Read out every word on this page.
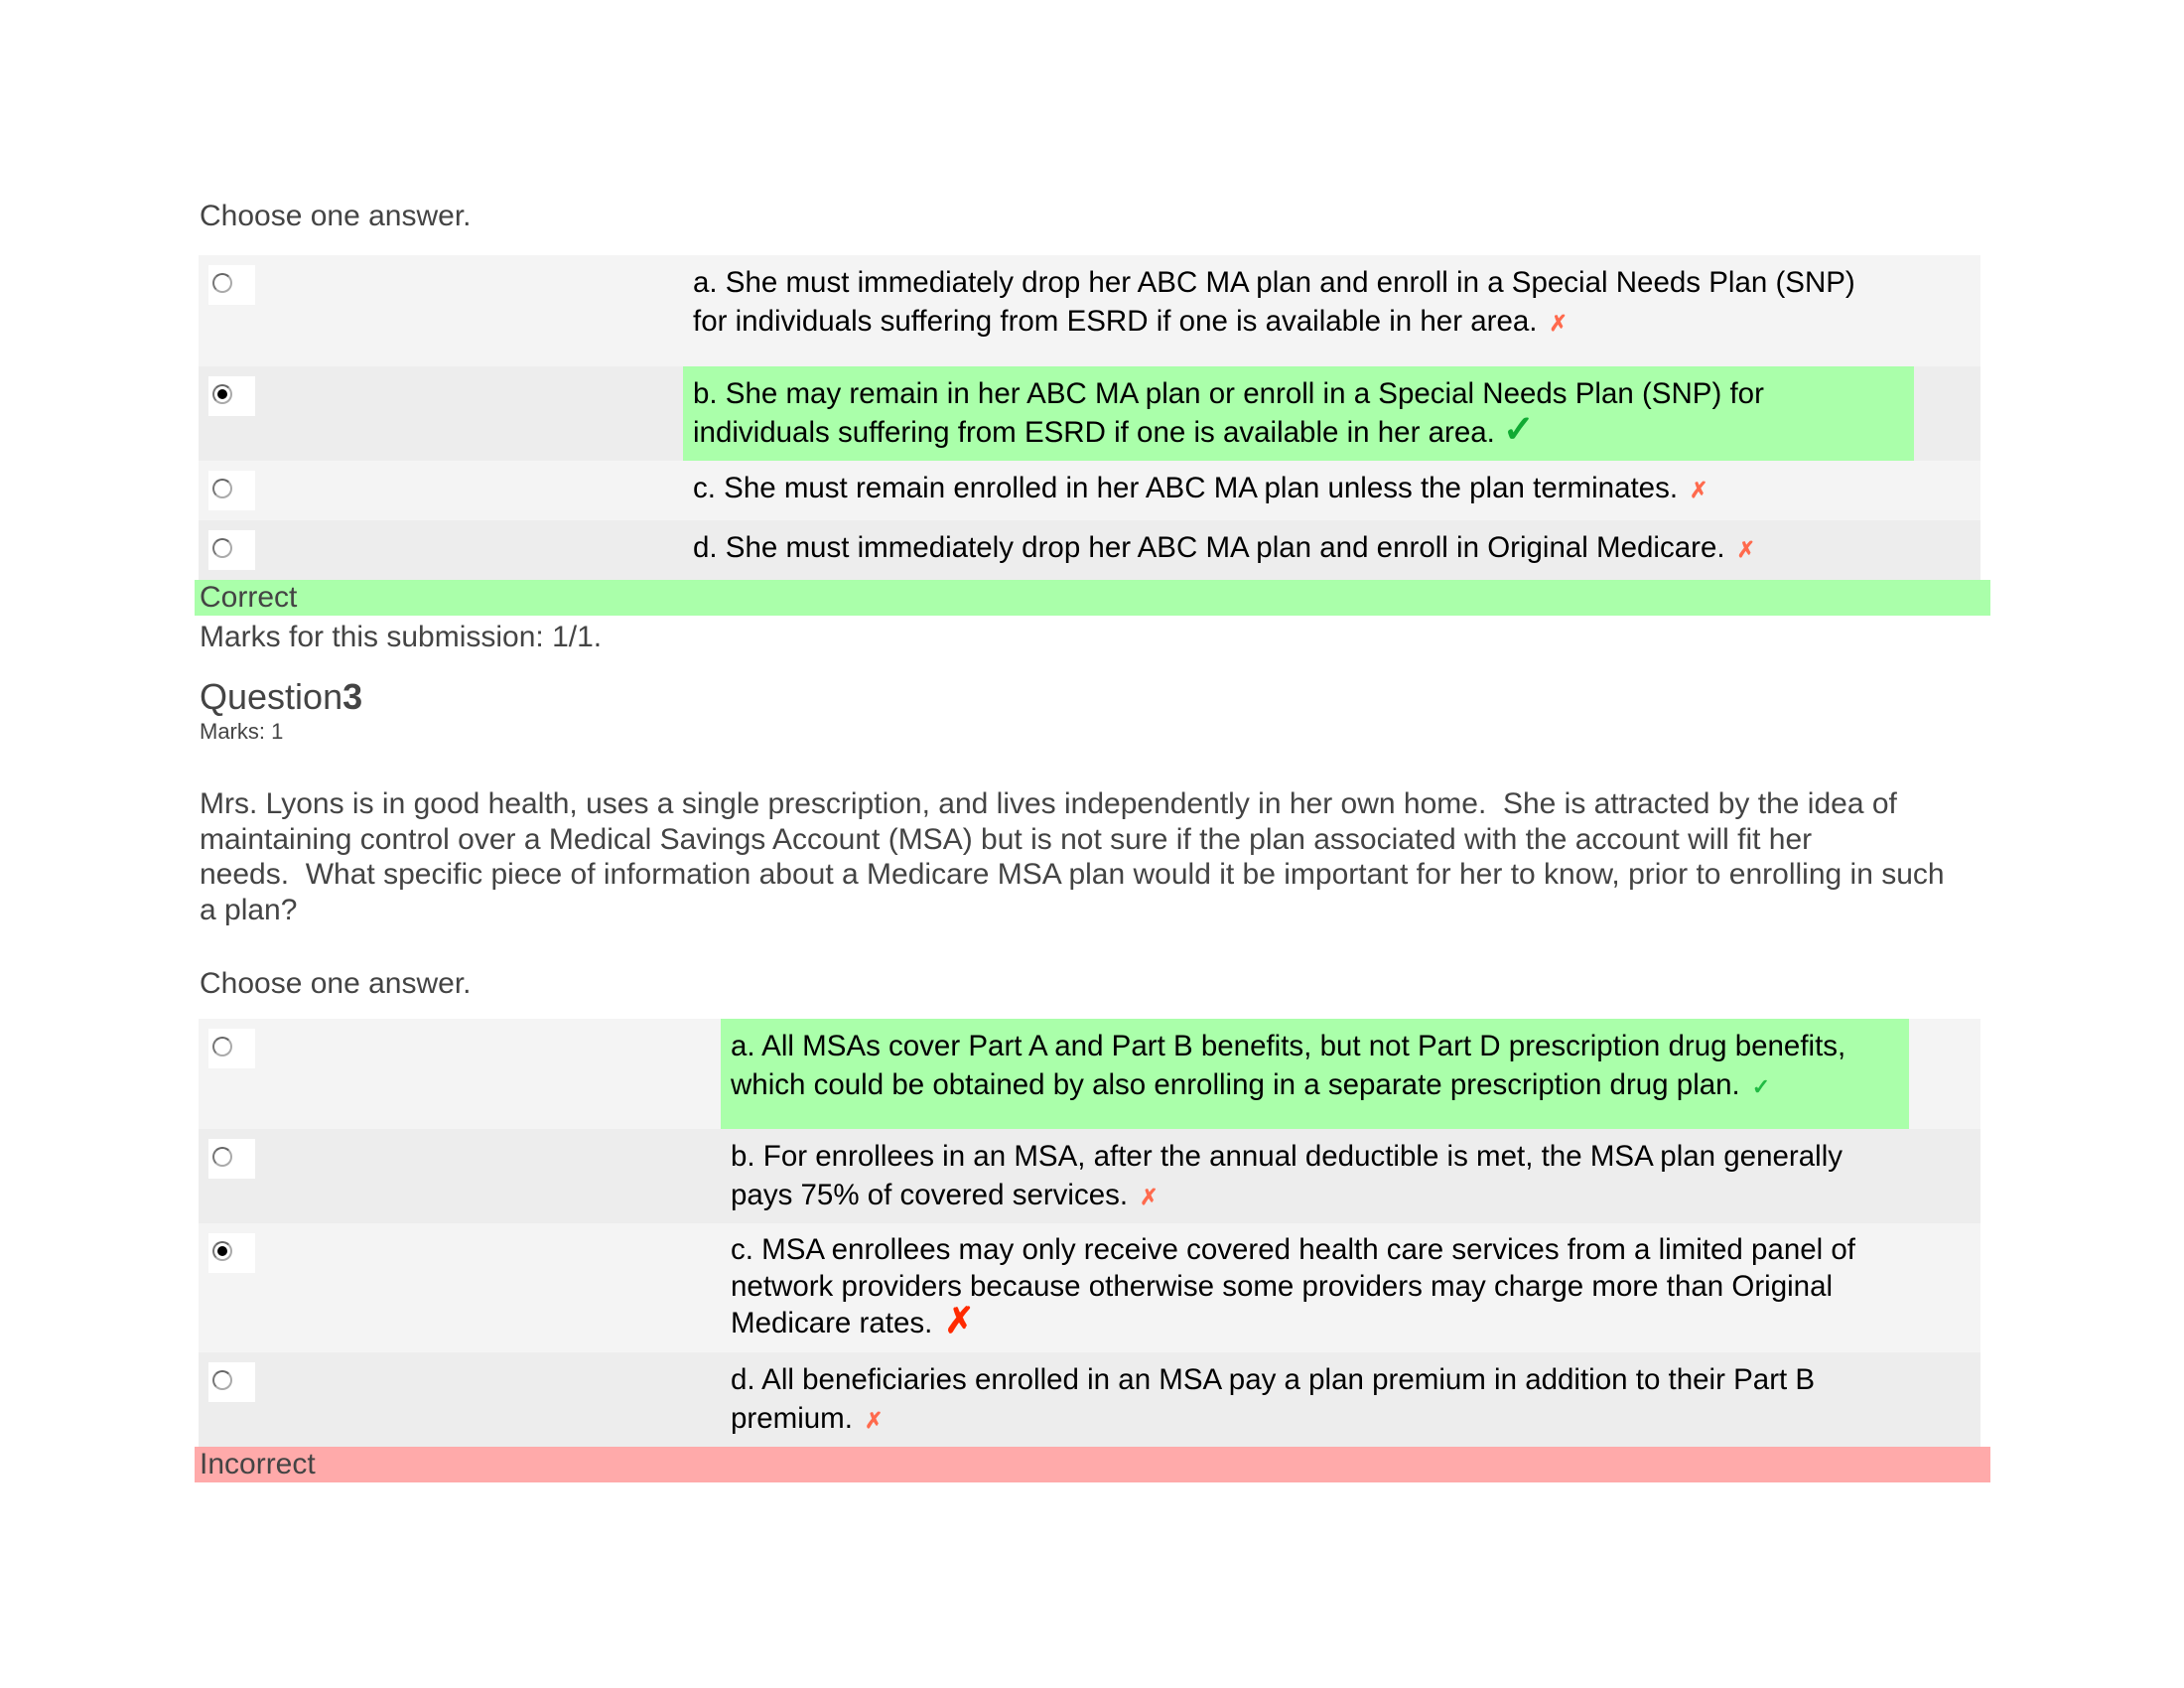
Choose one answer.
a. She must immediately drop her ABC MA plan and enroll in a Special Needs Plan (SNP)
for individuals suffering from ESRD if one is available in her area. ✗
b. She may remain in her ABC MA plan or enroll in a Special Needs Plan (SNP) for
individuals suffering from ESRD if one is available in her area. ✓
c. She must remain enrolled in her ABC MA plan unless the plan terminates. ✗
d. She must immediately drop her ABC MA plan and enroll in Original Medicare. ✗
Correct
Marks for this submission: 1/1.
Question3
Marks: 1
Mrs. Lyons is in good health, uses a single prescription, and lives independently in her own home.  She is attracted by the idea of
maintaining control over a Medical Savings Account (MSA) but is not sure if the plan associated with the account will fit her
needs.  What specific piece of information about a Medicare MSA plan would it be important for her to know, prior to enrolling in such
a plan?
Choose one answer.
a. All MSAs cover Part A and Part B benefits, but not Part D prescription drug benefits,
which could be obtained by also enrolling in a separate prescription drug plan. ✓
b. For enrollees in an MSA, after the annual deductible is met, the MSA plan generally
pays 75% of covered services. ✗
c. MSA enrollees may only receive covered health care services from a limited panel of
network providers because otherwise some providers may charge more than Original
Medicare rates. ✗
d. All beneficiaries enrolled in an MSA pay a plan premium in addition to their Part B
premium. ✗
Incorrect
